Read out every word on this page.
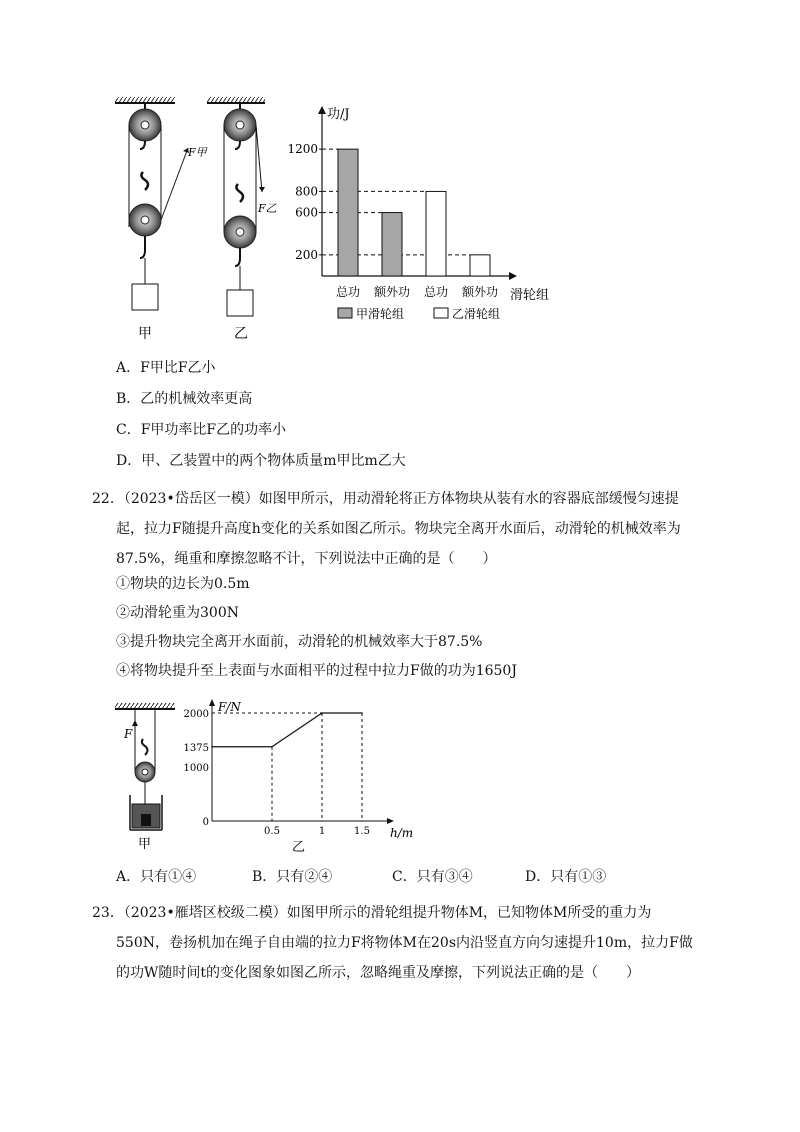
F甲
甲
F乙
乙
功/J
滑轮组
200
600
800
1200
总功 额外功 总功 额外功
甲滑轮组	乙滑轮组
A．F甲比F乙小
B．乙的机械效率更高
C．F甲功率比F乙的功率小
D．甲、乙装置中的两个物体质量m甲比m乙大
22．（2023•岱岳区一模）如图甲所示，用动滑轮将正方体物块从装有水的容器底部缓慢匀速提起，拉力F随提升高度h变化的关系如图乙所示。物块完全离开水面后，动滑轮的机械效率为87.5%，绳重和摩擦忽略不计，下列说法中正确的是（　　）
①物块的边长为0.5m
②动滑轮重为300N
③提升物块完全离开水面前，动滑轮的机械效率大于87.5%
④将物块提升至上表面与水面相平的过程中拉力F做的功为1650J
F
甲
F/N
h/m
乙
2000
1375
1000
0
0.5	1	1.5
A．只有①④	B．只有②④	C．只有③④	D．只有①③
23．（2023•雁塔区校级二模）如图甲所示的滑轮组提升物体M，已知物体M所受的重力为550N，卷扬机加在绳子自由端的拉力F将物体M在20s内沿竖直方向匀速提升10m，拉力F做的功W随时间t的变化图象如图乙所示，忽略绳重及摩擦，下列说法正确的是（　　）
